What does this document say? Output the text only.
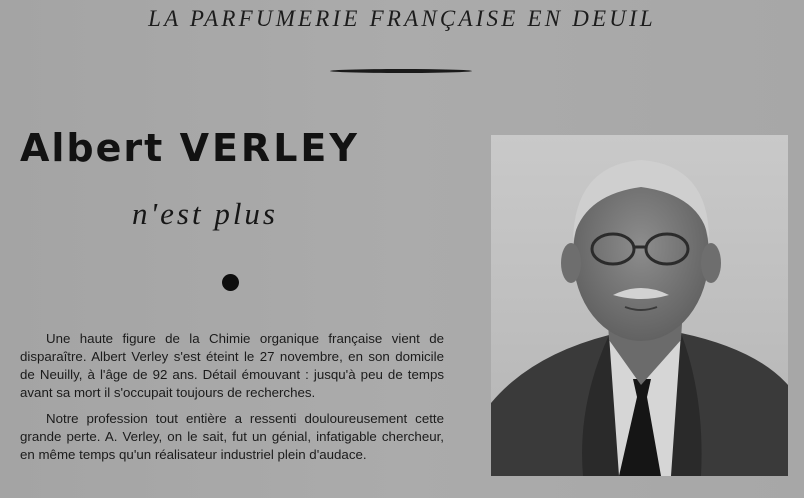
LA PARFUMERIE FRANÇAISE EN DEUIL
Albert VERLEY
n'est plus

Une haute figure de la Chimie organique française vient de disparaître. Albert Verley s'est éteint le 27 novembre, en son domicile de Neuilly, à l'âge de 92 ans. Détail émouvant : jusqu'à peu de temps avant sa mort il s'occupait toujours de recherches.

Notre profession tout entière a ressenti douloureusement cette grande perte. A. Verley, on le sait, fut un génial, infatigable chercheur, en même temps qu'un réalisateur industriel plein d'audace.
